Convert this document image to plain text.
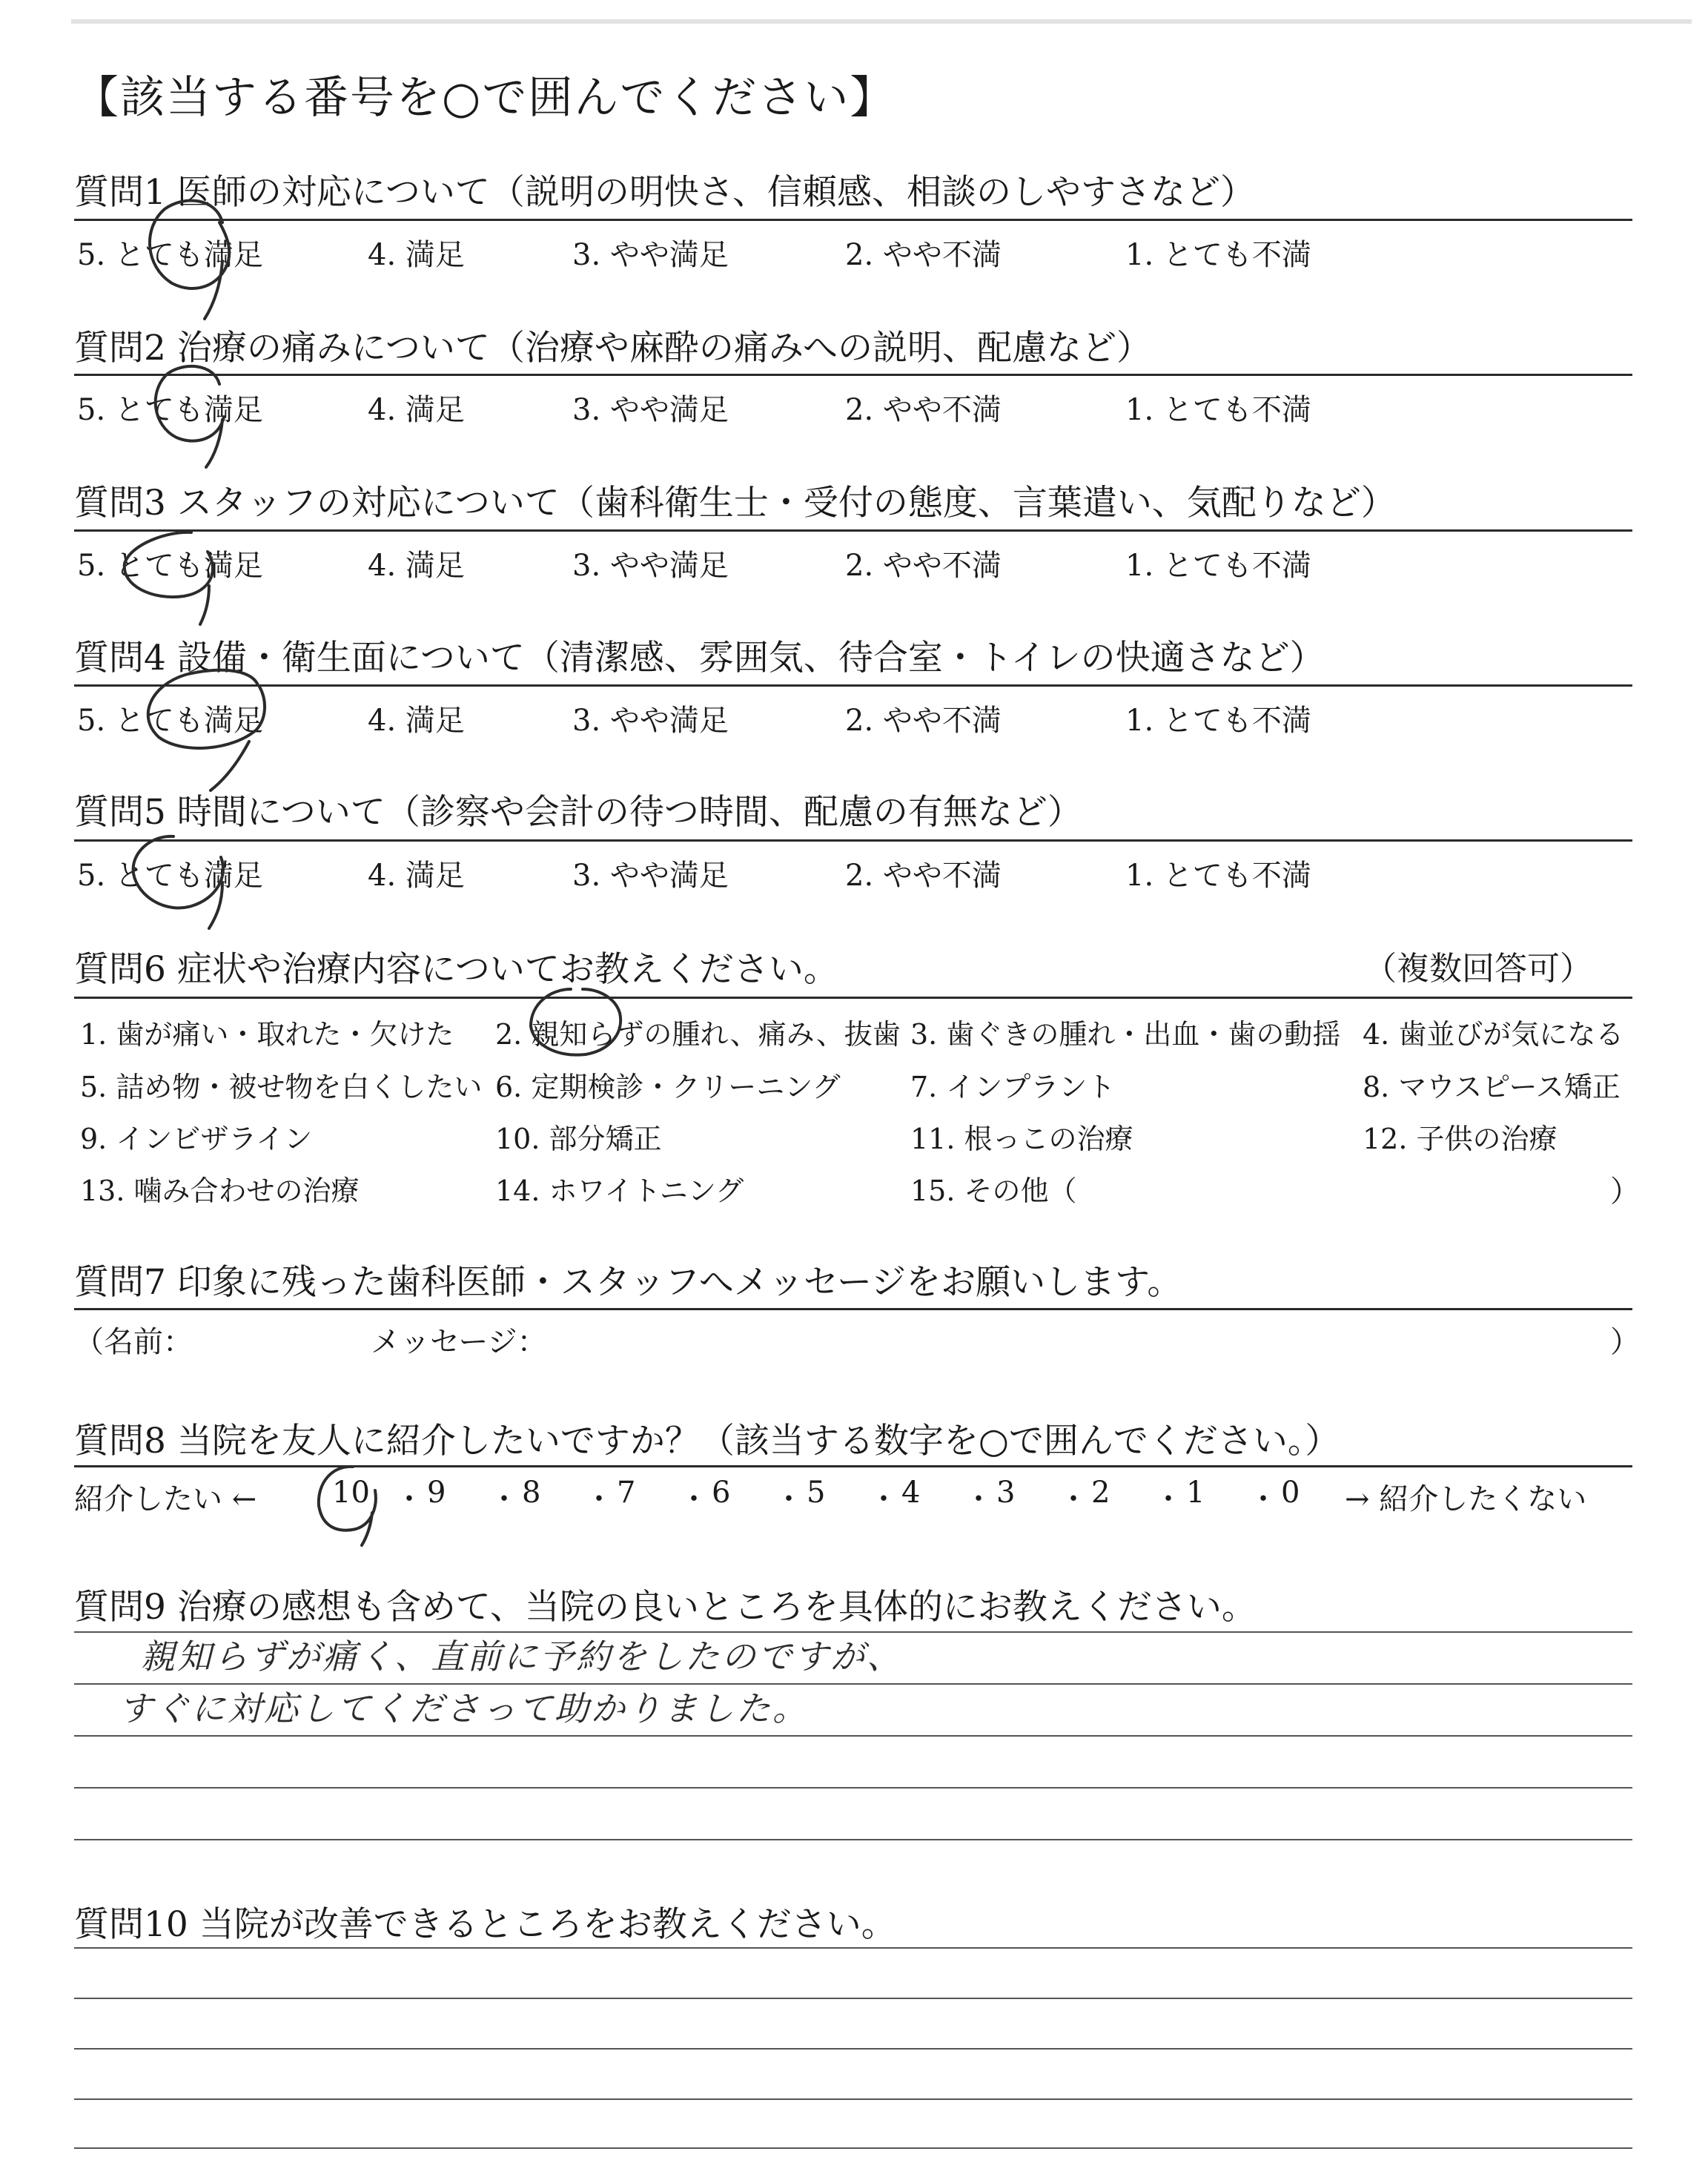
【該当する番号を○で囲んでください】
質問1 医師の対応について（説明の明快さ、信頼感、相談のしやすさなど）
5. とても満足	4. 満足	3. やや満足	2. やや不満	1. とても不満
質問2 治療の痛みについて（治療や麻酔の痛みへの説明、配慮など）
5. とても満足	4. 満足	3. やや満足	2. やや不満	1. とても不満
質問3 スタッフの対応について（歯科衛生士・受付の態度、言葉遣い、気配りなど）
5. とても満足	4. 満足	3. やや満足	2. やや不満	1. とても不満
質問4 設備・衛生面について（清潔感、雰囲気、待合室・トイレの快適さなど）
5. とても満足	4. 満足	3. やや満足	2. やや不満	1. とても不満
質問5 時間について（診察や会計の待つ時間、配慮の有無など）
5. とても満足	4. 満足	3. やや満足	2. やや不満	1. とても不満
質問6 症状や治療内容についてお教えください。	（複数回答可）
1. 歯が痛い・取れた・欠けた 2. 親知らずの腫れ、痛み、抜歯 3. 歯ぐきの腫れ・出血・歯の動揺 4. 歯並びが気になる
5. 詰め物・被せ物を白くしたい 6. 定期検診・クリーニング 7. インプラント	8. マウスピース矯正
9. インビザライン	10. 部分矯正	11. 根っこの治療	12. 子供の治療
13. 噛み合わせの治療	14. ホワイトニング	15. その他（	）
質問7 印象に残った歯科医師・スタッフへメッセージをお願いします。
（名前：	メッセージ：	）
質問8 当院を友人に紹介したいですか？（該当する数字を○で囲んでください。）
紹介したい ←	10 ・ 9 ・ 8 ・ 7 ・ 6 ・ 5 ・ 4 ・ 3 ・ 2 ・ 1 ・ 0 → 紹介したくない
質問9 治療の感想も含めて、当院の良いところを具体的にお教えください。
親知らずが痛く、直前に予約をしたのですが、
すぐに対応してくださって助かりました。
質問10 当院が改善できるところをお教えください。
